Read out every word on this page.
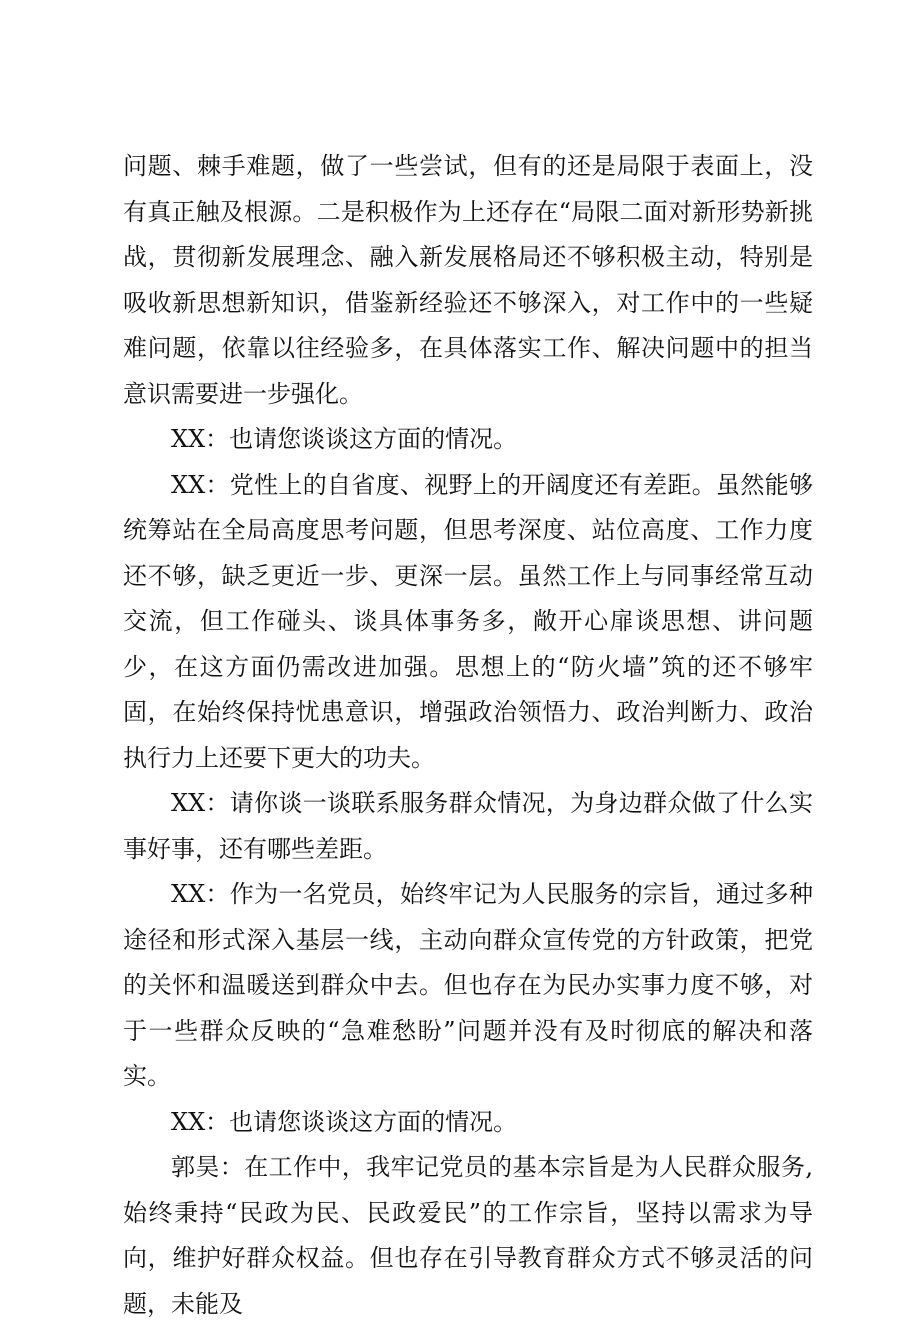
问题、棘手难题，做了一些尝试，但有的还是局限于表面上，没有真正触及根源。二是积极作为上还存在“局限二面对新形势新挑战，贯彻新发展理念、融入新发展格局还不够积极主动，特别是吸收新思想新知识，借鉴新经验还不够深入，对工作中的一些疑难问题，依靠以往经验多，在具体落实工作、解决问题中的担当意识需要进一步强化。

XX：也请您谈谈这方面的情况。

XX：党性上的自省度、视野上的开阔度还有差距。虽然能够统筹站在全局高度思考问题，但思考深度、站位高度、工作力度还不够，缺乏更近一步、更深一层。虽然工作上与同事经常互动交流，但工作碰头、谈具体事务多，敞开心扉谈思想、讲问题少，在这方面仍需改进加强。思想上的“防火墙”筑的还不够牢固，在始终保持忧患意识，增强政治领悟力、政治判断力、政治执行力上还要下更大的功夫。

XX：请你谈一谈联系服务群众情况，为身边群众做了什么实事好事，还有哪些差距。

XX：作为一名党员，始终牢记为人民服务的宗旨，通过多种途径和形式深入基层一线，主动向群众宣传党的方针政策，把党的关怀和温暖送到群众中去。但也存在为民办实事力度不够，对于一些群众反映的“急难愁盼”问题并没有及时彻底的解决和落实。

XX：也请您谈谈这方面的情况。

郭昊：在工作中，我牢记党员的基本宗旨是为人民群众服务,始终秉持“民政为民、民政爱民”的工作宗旨，坚持以需求为导向，维护好群众权益。但也存在引导教育群众方式不够灵活的问题，未能及
